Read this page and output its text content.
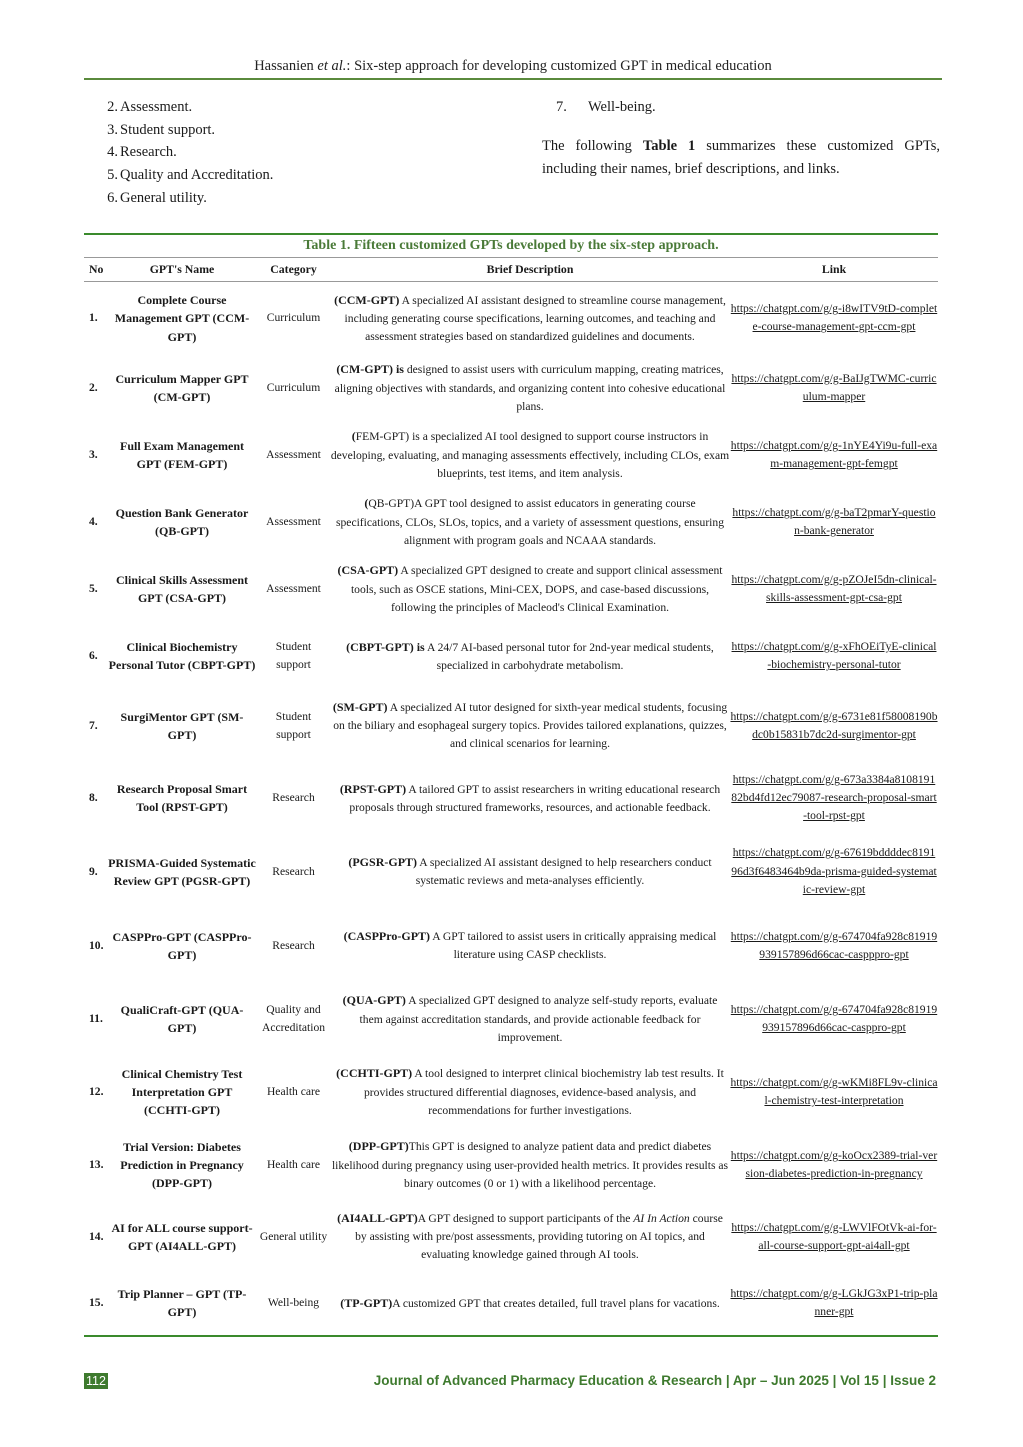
Hassanien et al.: Six-step approach for developing customized GPT in medical education
2. Assessment.
3. Student support.
4. Research.
5. Quality and Accreditation.
6. General utility.
7.	Well-being.

The following Table 1 summarizes these customized GPTs, including their names, brief descriptions, and links.

Table 1. Fifteen customized GPTs developed by the six-step approach.
No	GPT's Name	Category	Brief Description	Link
1.	Complete Course Management GPT (CCM-GPT)	Curriculum	(CCM-GPT) A specialized AI assistant designed to streamline course management, including generating course specifications, learning outcomes, and teaching and assessment strategies based on standardized guidelines and documents.	https://chatgpt.com/g/g-i8wITV9tD-complete-course-management-gpt-ccm-gpt
2.	Curriculum Mapper GPT (CM-GPT)	Curriculum	(CM-GPT) is designed to assist users with curriculum mapping, creating matrices, aligning objectives with standards, and organizing content into cohesive educational plans.	https://chatgpt.com/g/g-BaIJgTWMC-curriculum-mapper
3.	Full Exam Management GPT (FEM-GPT)	Assessment	(FEM-GPT) is a specialized AI tool designed to support course instructors in developing, evaluating, and managing assessments effectively, including CLOs, exam blueprints, test items, and item analysis.	https://chatgpt.com/g/g-1nYE4Yi9u-full-exam-management-gpt-femgpt
4.	Question Bank Generator (QB-GPT)	Assessment	(QB-GPT)A GPT tool designed to assist educators in generating course specifications, CLOs, SLOs, topics, and a variety of assessment questions, ensuring alignment with program goals and NCAAA standards.	https://chatgpt.com/g/g-baT2pmarY-question-bank-generator
5.	Clinical Skills Assessment GPT (CSA-GPT)	Assessment	(CSA-GPT) A specialized GPT designed to create and support clinical assessment tools, such as OSCE stations, Mini-CEX, DOPS, and case-based discussions, following the principles of Macleod's Clinical Examination.	https://chatgpt.com/g/g-pZOJeI5dn-clinical-skills-assessment-gpt-csa-gpt
6.	Clinical Biochemistry Personal Tutor (CBPT-GPT)	Student support	(CBPT-GPT) is A 24/7 AI-based personal tutor for 2nd-year medical students, specialized in carbohydrate metabolism.	https://chatgpt.com/g/g-xFhOEiTyE-clinical-biochemistry-personal-tutor
7.	SurgiMentor GPT (SM-GPT)	Student support	(SM-GPT) A specialized AI tutor designed for sixth-year medical students, focusing on the biliary and esophageal surgery topics. Provides tailored explanations, quizzes, and clinical scenarios for learning.	https://chatgpt.com/g/g-6731e81f58008190bdc0b15831b7dc2d-surgimentor-gpt
8.	Research Proposal Smart Tool (RPST-GPT)	Research	(RPST-GPT) A tailored GPT to assist researchers in writing educational research proposals through structured frameworks, resources, and actionable feedback.	https://chatgpt.com/g/g-673a3384a810819182bd4fd12ec79087-research-proposal-smart-tool-rpst-gpt
9.	PRISMA-Guided Systematic Review GPT (PGSR-GPT)	Research	(PGSR-GPT) A specialized AI assistant designed to help researchers conduct systematic reviews and meta-analyses efficiently.	https://chatgpt.com/g/g-67619bddddec819196d3f6483464b9da-prisma-guided-systematic-review-gpt
10.	CASPPro-GPT (CASPPro-GPT)	Research	(CASPPro-GPT) A GPT tailored to assist users in critically appraising medical literature using CASP checklists.	https://chatgpt.com/g/g-674704fa928c81919939157896d66cac-caspppro-gpt
11.	QualiCraft-GPT (QUA-GPT)	Quality and Accreditation	(QUA-GPT) A specialized GPT designed to analyze self-study reports, evaluate them against accreditation standards, and provide actionable feedback for improvement.	https://chatgpt.com/g/g-674704fa928c81919939157896d66cac-casppro-gpt
12.	Clinical Chemistry Test Interpretation GPT (CCHTI-GPT)	Health care	(CCHTI-GPT) A tool designed to interpret clinical biochemistry lab test results. It provides structured differential diagnoses, evidence-based analysis, and recommendations for further investigations.	https://chatgpt.com/g/g-wKMi8FL9v-clinical-chemistry-test-interpretation
13.	Trial Version: Diabetes Prediction in Pregnancy (DPP-GPT)	Health care	(DPP-GPT)This GPT is designed to analyze patient data and predict diabetes likelihood during pregnancy using user-provided health metrics. It provides results as binary outcomes (0 or 1) with a likelihood percentage.	https://chatgpt.com/g/g-koOcx2389-trial-version-diabetes-prediction-in-pregnancy
14.	AI for ALL course support-GPT (AI4ALL-GPT)	General utility	(AI4ALL-GPT)A GPT designed to support participants of the AI In Action course by assisting with pre/post assessments, providing tutoring on AI topics, and evaluating knowledge gained through AI tools.	https://chatgpt.com/g/g-LWVlFOtVk-ai-for-all-course-support-gpt-ai4all-gpt
15.	Trip Planner – GPT (TP-GPT)	Well-being	(TP-GPT)A customized GPT that creates detailed, full travel plans for vacations.	https://chatgpt.com/g/g-LGkJG3xP1-trip-planner-gpt
112	Journal of Advanced Pharmacy Education & Research | Apr – Jun 2025 | Vol 15 | Issue 2
